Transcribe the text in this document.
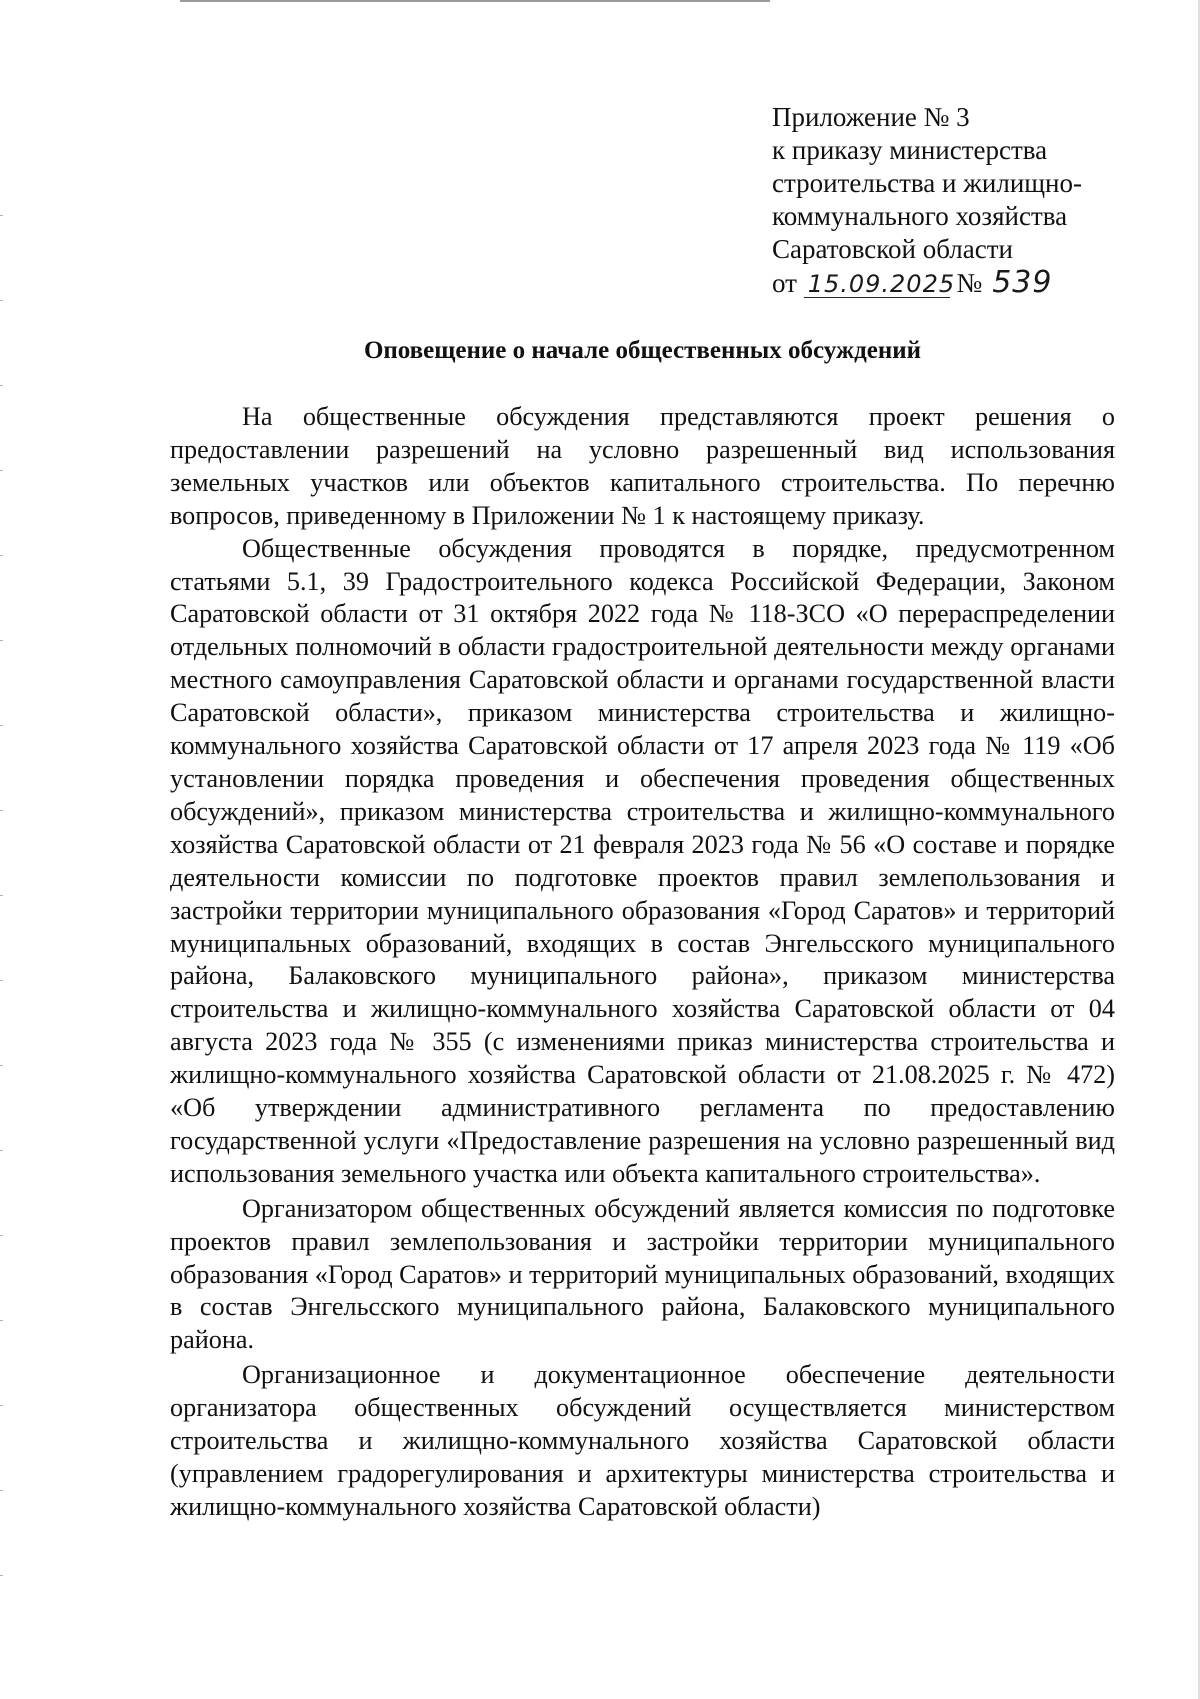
Приложение № 3
к приказу министерства
строительства и жилищно-
коммунального хозяйства
Саратовской области
от 15.09.2025 № 539
Оповещение о начале общественных обсуждений

На общественные обсуждения представляются проект решения о предоставлении разрешений на условно разрешенный вид использования земельных участков или объектов капитального строительства. По перечню вопросов, приведенному в Приложении № 1 к настоящему приказу.

Общественные обсуждения проводятся в порядке, предусмотренном статьями 5.1, 39 Градостроительного кодекса Российской Федерации, Законом Саратовской области от 31 октября 2022 года № 118-ЗСО «О перераспределении отдельных полномочий в области градостроительной деятельности между органами местного самоуправления Саратовской области и органами государственной власти Саратовской области», приказом министерства строительства и жилищно-коммунального хозяйства Саратовской области от 17 апреля 2023 года № 119 «Об установлении порядка проведения и обеспечения проведения общественных обсуждений», приказом министерства строительства и жилищно-коммунального хозяйства Саратовской области от 21 февраля 2023 года № 56 «О составе и порядке деятельности комиссии по подготовке проектов правил землепользования и застройки территории муниципального образования «Город Саратов» и территорий муниципальных образований, входящих в состав Энгельсского муниципального района, Балаковского муниципального района», приказом министерства строительства и жилищно-коммунального хозяйства Саратовской области от 04 августа 2023 года № 355 (с изменениями приказ министерства строительства и жилищно-коммунального хозяйства Саратовской области от 21.08.2025 г. № 472) «Об утверждении административного регламента по предоставлению государственной услуги «Предоставление разрешения на условно разрешенный вид использования земельного участка или объекта капитального строительства».

Организатором общественных обсуждений является комиссия по подготовке проектов правил землепользования и застройки территории муниципального образования «Город Саратов» и территорий муниципальных образований, входящих в состав Энгельсского муниципального района, Балаковского муниципального района.

Организационное и документационное обеспечение деятельности организатора общественных обсуждений осуществляется министерством строительства и жилищно-коммунального хозяйства Саратовской области (управлением градорегулирования и архитектуры министерства строительства и жилищно-коммунального хозяйства Саратовской области)
